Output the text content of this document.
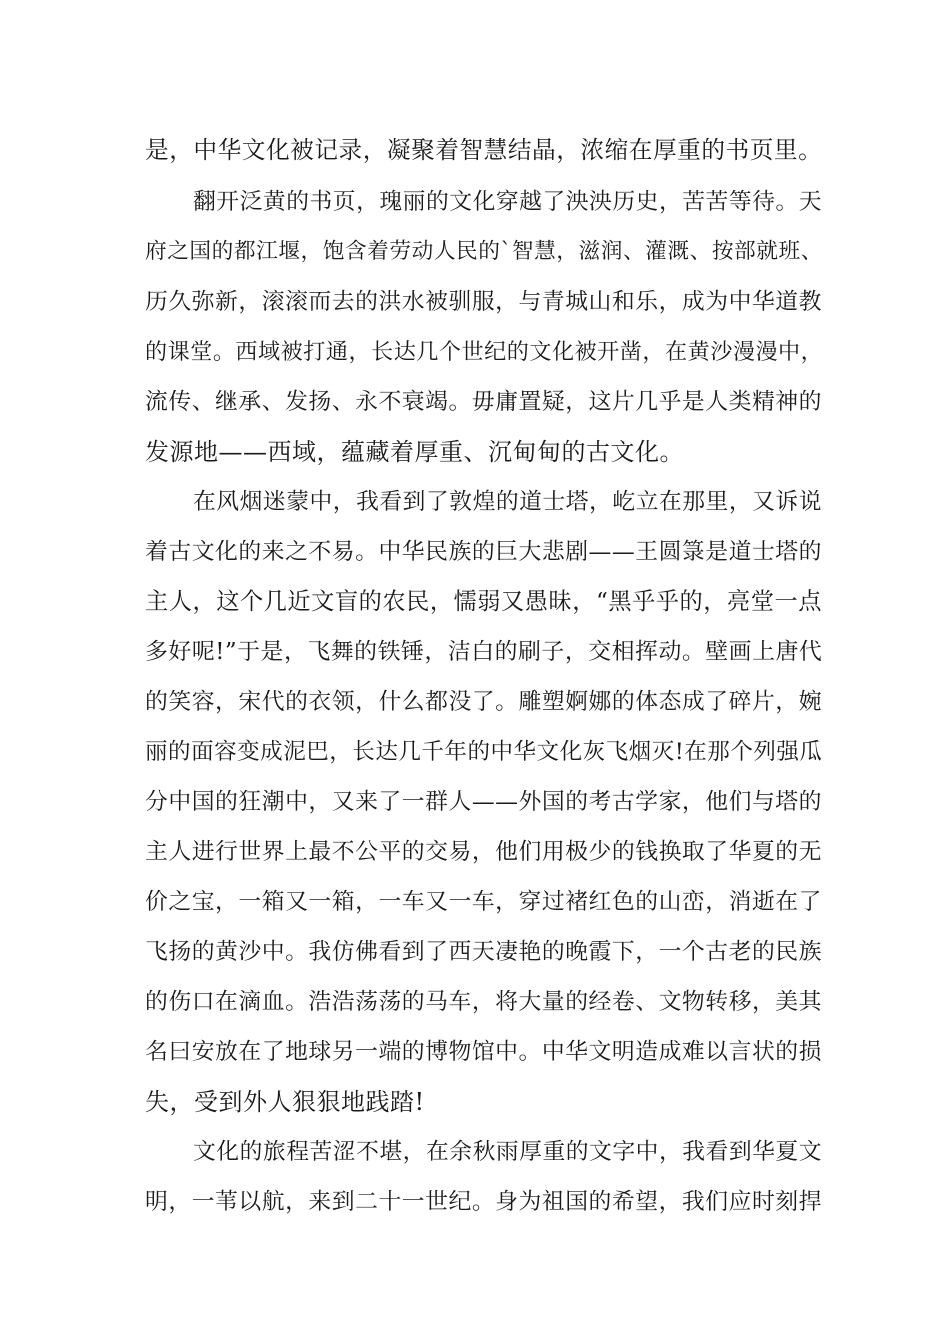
是，中华文化被记录，凝聚着智慧结晶，浓缩在厚重的书页里。
翻开泛黄的书页，瑰丽的文化穿越了泱泱历史，苦苦等待。天
府之国的都江堰，饱含着劳动人民的`智慧，滋润、灌溉、按部就班、
历久弥新，滚滚而去的洪水被驯服，与青城山和乐，成为中华道教
的课堂。西域被打通，长达几个世纪的文化被开凿，在黄沙漫漫中，
流传、继承、发扬、永不衰竭。毋庸置疑，这片几乎是人类精神的
发源地——西域，蕴藏着厚重、沉甸甸的古文化。
在风烟迷蒙中，我看到了敦煌的道士塔，屹立在那里，又诉说
着古文化的来之不易。中华民族的巨大悲剧——王圆箓是道士塔的
主人，这个几近文盲的农民，懦弱又愚昧，“黑乎乎的，亮堂一点
多好呢!”于是，飞舞的铁锤，洁白的刷子，交相挥动。壁画上唐代
的笑容，宋代的衣领，什么都没了。雕塑婀娜的体态成了碎片，婉
丽的面容变成泥巴，长达几千年的中华文化灰飞烟灭!在那个列强瓜
分中国的狂潮中，又来了一群人——外国的考古学家，他们与塔的
主人进行世界上最不公平的交易，他们用极少的钱换取了华夏的无
价之宝，一箱又一箱，一车又一车，穿过褚红色的山峦，消逝在了
飞扬的黄沙中。我仿佛看到了西天凄艳的晚霞下，一个古老的民族
的伤口在滴血。浩浩荡荡的马车，将大量的经卷、文物转移，美其
名曰安放在了地球另一端的博物馆中。中华文明造成难以言状的损
失，受到外人狠狠地践踏!
文化的旅程苦涩不堪，在余秋雨厚重的文字中，我看到华夏文
明，一苇以航，来到二十一世纪。身为祖国的希望，我们应时刻捍
